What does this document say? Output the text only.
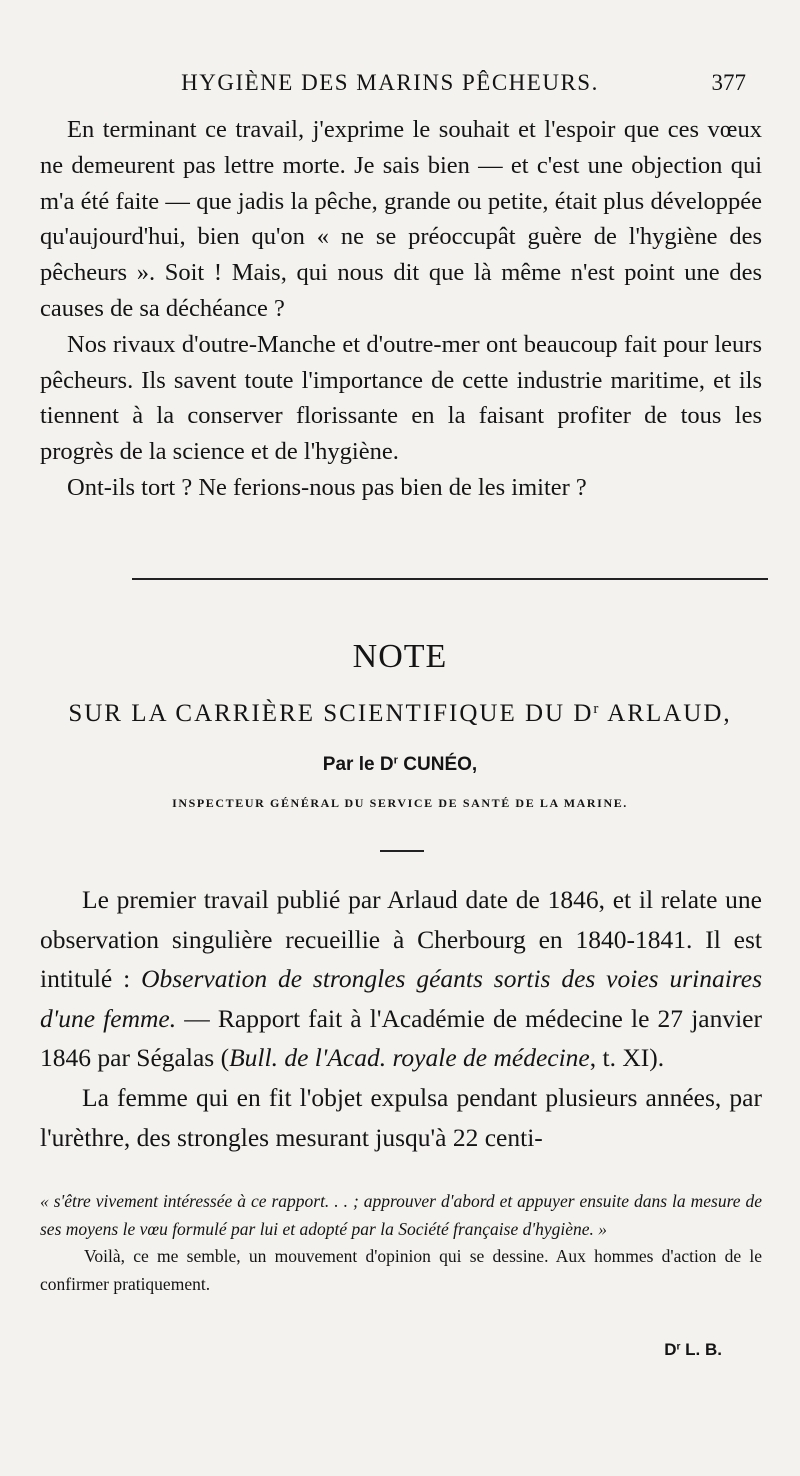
HYGIÈNE DES MARINS PÊCHEURS.	377

En terminant ce travail, j'exprime le souhait et l'espoir que ces vœux ne demeurent pas lettre morte. Je sais bien — et c'est une objection qui m'a été faite — que jadis la pêche, grande ou petite, était plus développée qu'aujourd'hui, bien qu'on « ne se préoccupât guère de l'hygiène des pêcheurs ». Soit ! Mais, qui nous dit que là même n'est point une des causes de sa déchéance ?

Nos rivaux d'outre-Manche et d'outre-mer ont beaucoup fait pour leurs pêcheurs. Ils savent toute l'importance de cette industrie maritime, et ils tiennent à la conserver florissante en la faisant profiter de tous les progrès de la science et de l'hygiène.

Ont-ils tort ? Ne ferions-nous pas bien de les imiter ?

NOTE
SUR LA CARRIÈRE SCIENTIFIQUE DU $D^r$ ARLAUD,
Par le $D^r$ CUNÉO,
INSPECTEUR GÉNÉRAL DU SERVICE DE SANTÉ DE LA MARINE.

Le premier travail publié par Arlaud date de 1846, et il relate une observation singulière recueillie à Cherbourg en 1840-1841. Il est intitulé : Observation de strongles géants sortis des voies urinaires d'une femme. — Rapport fait à l'Académie de médecine le 27 janvier 1846 par Ségalas (Bull. de l'Acad. royale de médecine, t. XI).

La femme qui en fit l'objet expulsa pendant plusieurs années, par l'urèthre, des strongles mesurant jusqu'à 22 centi-

« s'être vivement intéressée à ce rapport. . . ; approuver d'abord et appuyer ensuite dans la mesure de ses moyens le vœu formulé par lui et adopté par la Société française d'hygiène. »

Voilà, ce me semble, un mouvement d'opinion qui se dessine. Aux hommes d'action de le confirmer pratiquement.

$D^r$ L. B.
